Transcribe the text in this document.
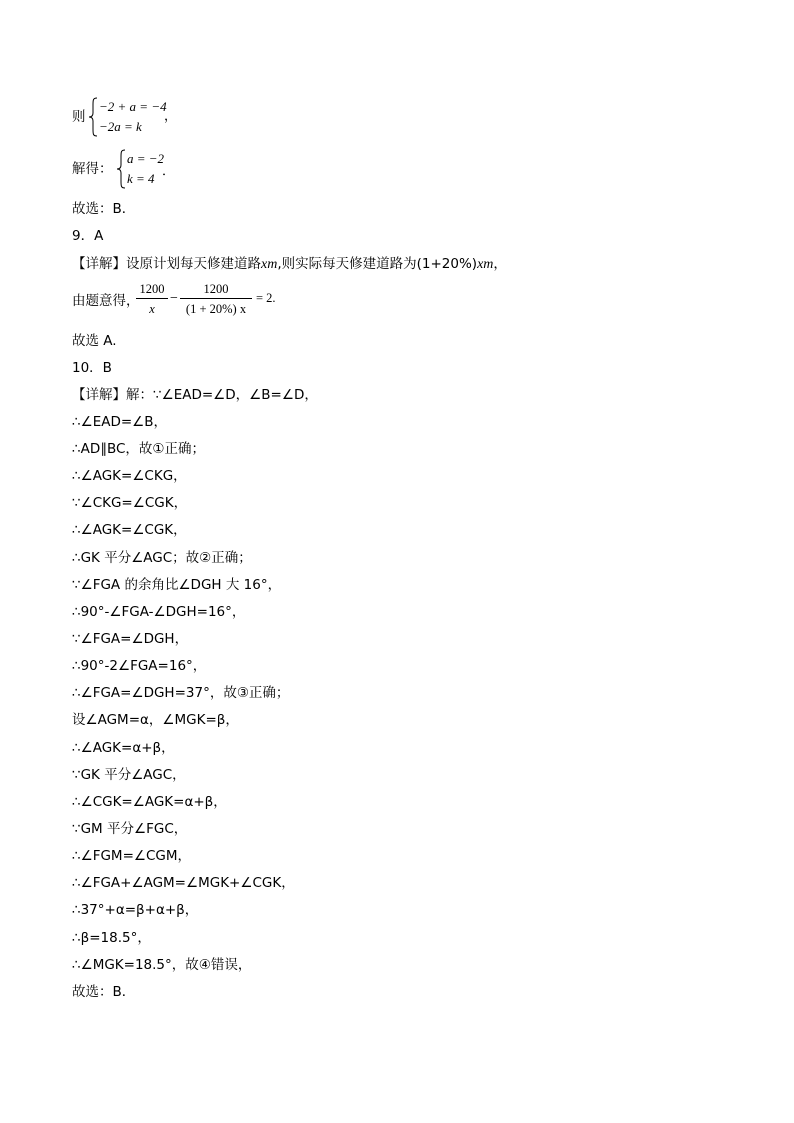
则
−2 + a = −4
−2a = k
，
解得：
a = −2
k = 4
．
故选：B．
9．A
【详解】设原计划每天修建道路xm,则实际每天修建道路为(1+20%)xm，
由题意得，
1200
x
−
1200
(1 + 20%) x
= 2.
故选 A.
10．B
【详解】解：∵∠EAD=∠D，∠B=∠D，
∴∠EAD=∠B，
∴AD∥BC，故①正确；
∴∠AGK=∠CKG，
∵∠CKG=∠CGK，
∴∠AGK=∠CGK，
∴GK 平分∠AGC；故②正确；
∵∠FGA 的余角比∠DGH 大 16°，
∴90°-∠FGA-∠DGH=16°，
∵∠FGA=∠DGH，
∴90°-2∠FGA=16°，
∴∠FGA=∠DGH=37°，故③正确；
设∠AGM=α，∠MGK=β，
∴∠AGK=α+β，
∵GK 平分∠AGC，
∴∠CGK=∠AGK=α+β，
∵GM 平分∠FGC，
∴∠FGM=∠CGM，
∴∠FGA+∠AGM=∠MGK+∠CGK，
∴37°+α=β+α+β，
∴β=18.5°，
∴∠MGK=18.5°，故④错误，
故选：B．
